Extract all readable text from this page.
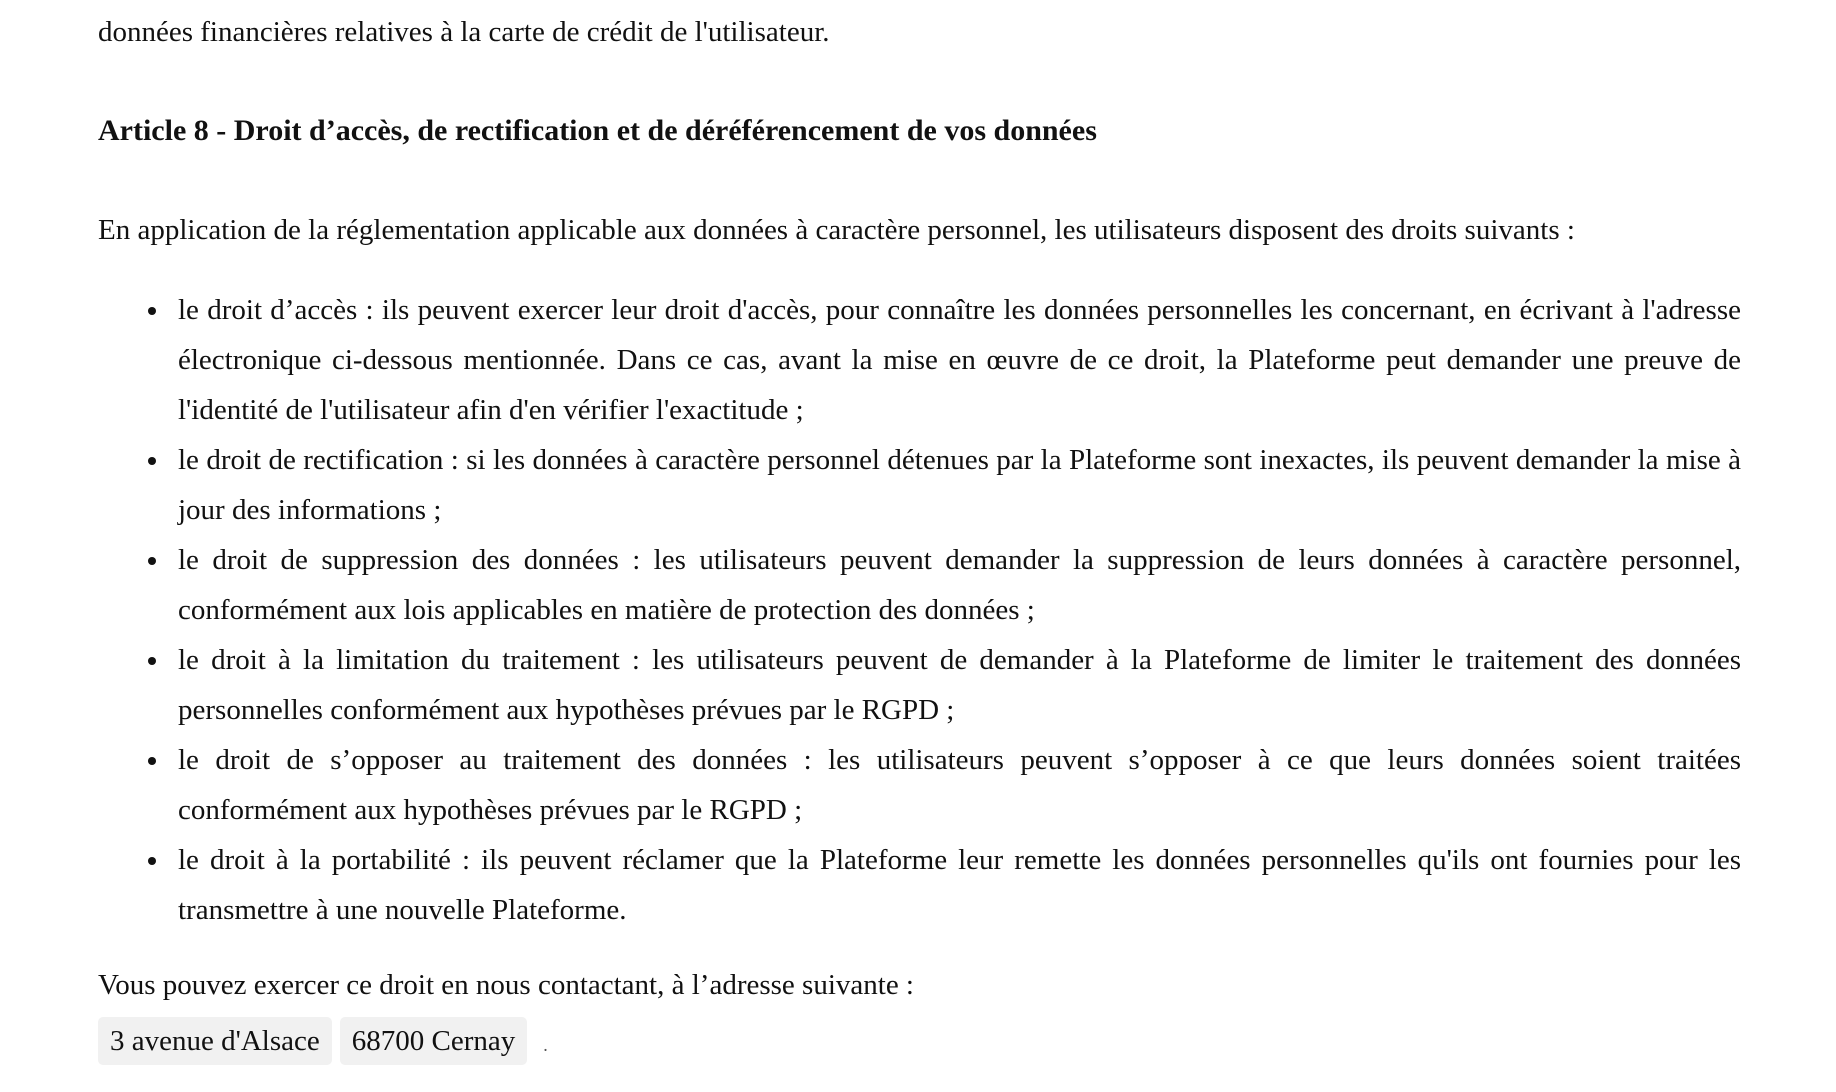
données financières relatives à la carte de crédit de l'utilisateur.

Article 8 - Droit d’accès, de rectification et de déréférencement de vos données

En application de la réglementation applicable aux données à caractère personnel, les utilisateurs disposent des droits suivants :

le droit d’accès : ils peuvent exercer leur droit d'accès, pour connaître les données personnelles les concernant, en écrivant à l'adresse électronique ci-dessous mentionnée. Dans ce cas, avant la mise en œuvre de ce droit, la Plateforme peut demander une preuve de l'identité de l'utilisateur afin d'en vérifier l'exactitude ;
le droit de rectification : si les données à caractère personnel détenues par la Plateforme sont inexactes, ils peuvent demander la mise à jour des informations ;
le droit de suppression des données : les utilisateurs peuvent demander la suppression de leurs données à caractère personnel, conformément aux lois applicables en matière de protection des données ;
le droit à la limitation du traitement : les utilisateurs peuvent de demander à la Plateforme de limiter le traitement des données personnelles conformément aux hypothèses prévues par le RGPD ;
le droit de s’opposer au traitement des données : les utilisateurs peuvent s’opposer à ce que leurs données soient traitées conformément aux hypothèses prévues par le RGPD ;
le droit à la portabilité : ils peuvent réclamer que la Plateforme leur remette les données personnelles qu'ils ont fournies pour les transmettre à une nouvelle Plateforme.

Vous pouvez exercer ce droit en nous contactant, à l’adresse suivante :

3 avenue d'Alsace	68700 Cernay	.
